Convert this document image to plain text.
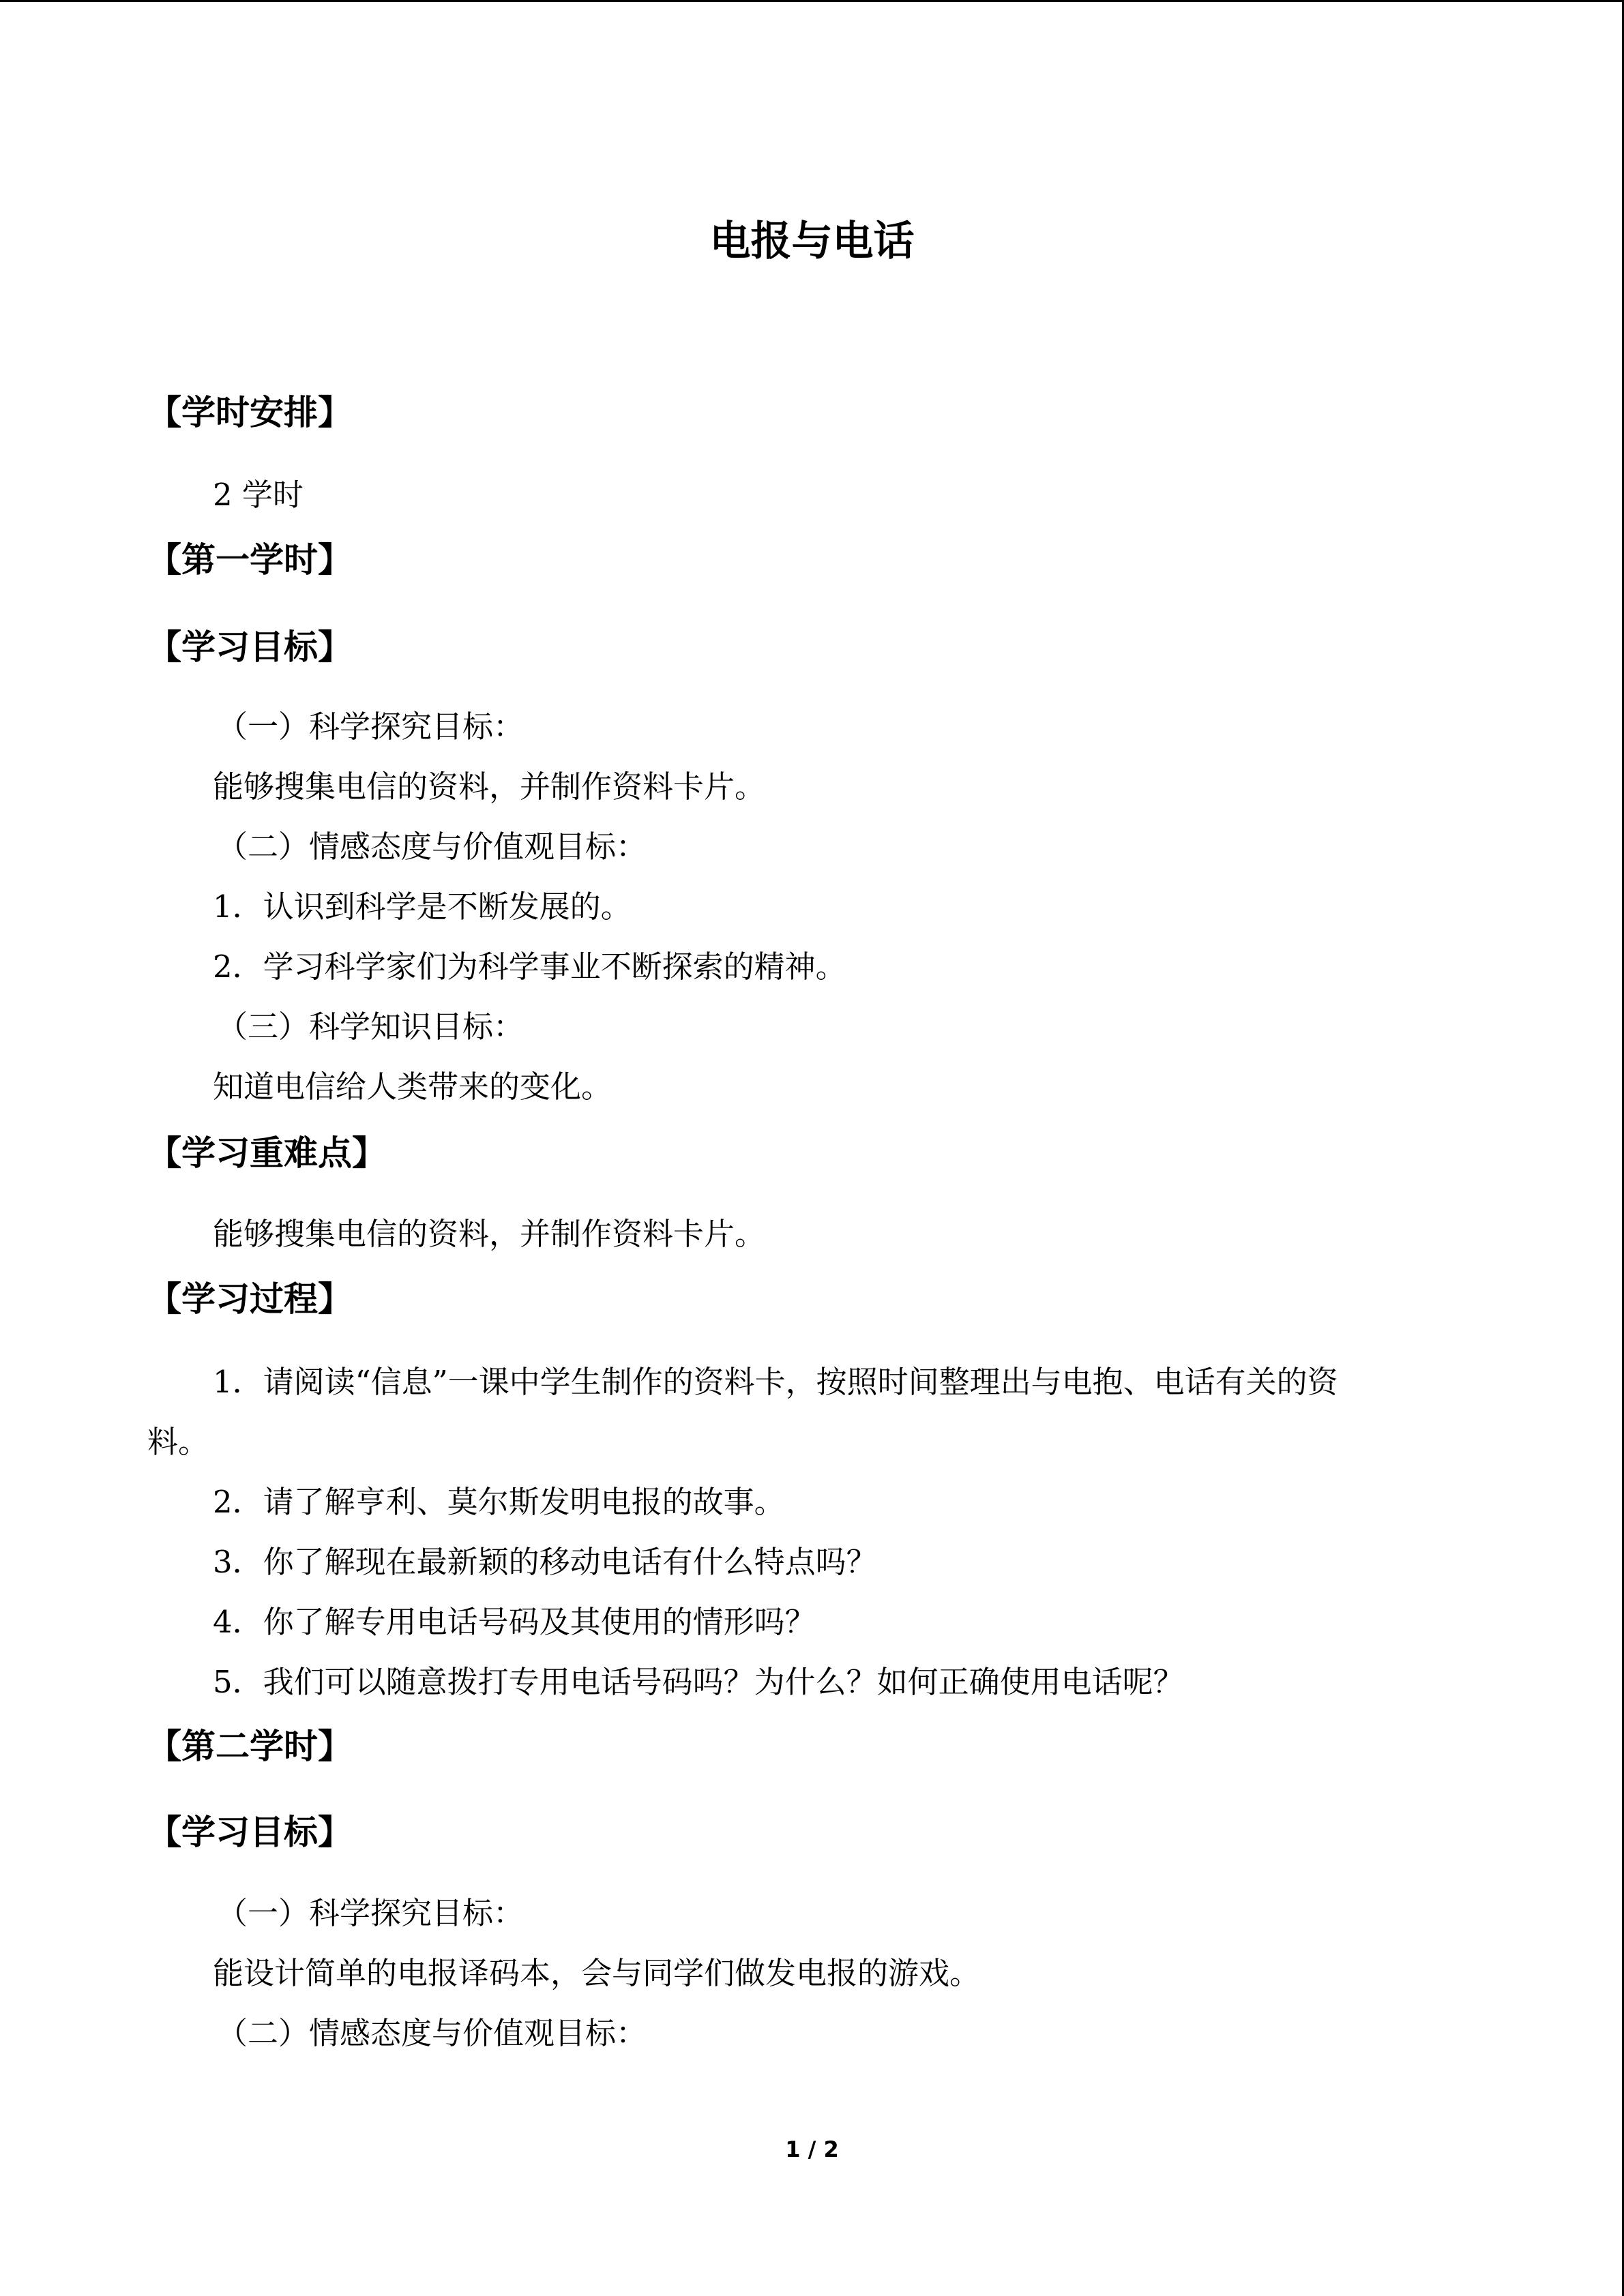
电报与电话
【学时安排】
2 学时
【第一学时】
【学习目标】
（一）科学探究目标：
能够搜集电信的资料，并制作资料卡片。
（二）情感态度与价值观目标：
1．认识到科学是不断发展的。
2．学习科学家们为科学事业不断探索的精神。
（三）科学知识目标：
知道电信给人类带来的变化。
【学习重难点】
能够搜集电信的资料，并制作资料卡片。
【学习过程】
1．请阅读“信息”一课中学生制作的资料卡，按照时间整理出与电抱、电话有关的资
料。
2．请了解亨利、莫尔斯发明电报的故事。
3．你了解现在最新颖的移动电话有什么特点吗？
4．你了解专用电话号码及其使用的情形吗？
5．我们可以随意拨打专用电话号码吗？为什么？如何正确使用电话呢？
【第二学时】
【学习目标】
（一）科学探究目标：
能设计简单的电报译码本，会与同学们做发电报的游戏。
（二）情感态度与价值观目标：
1 / 2
